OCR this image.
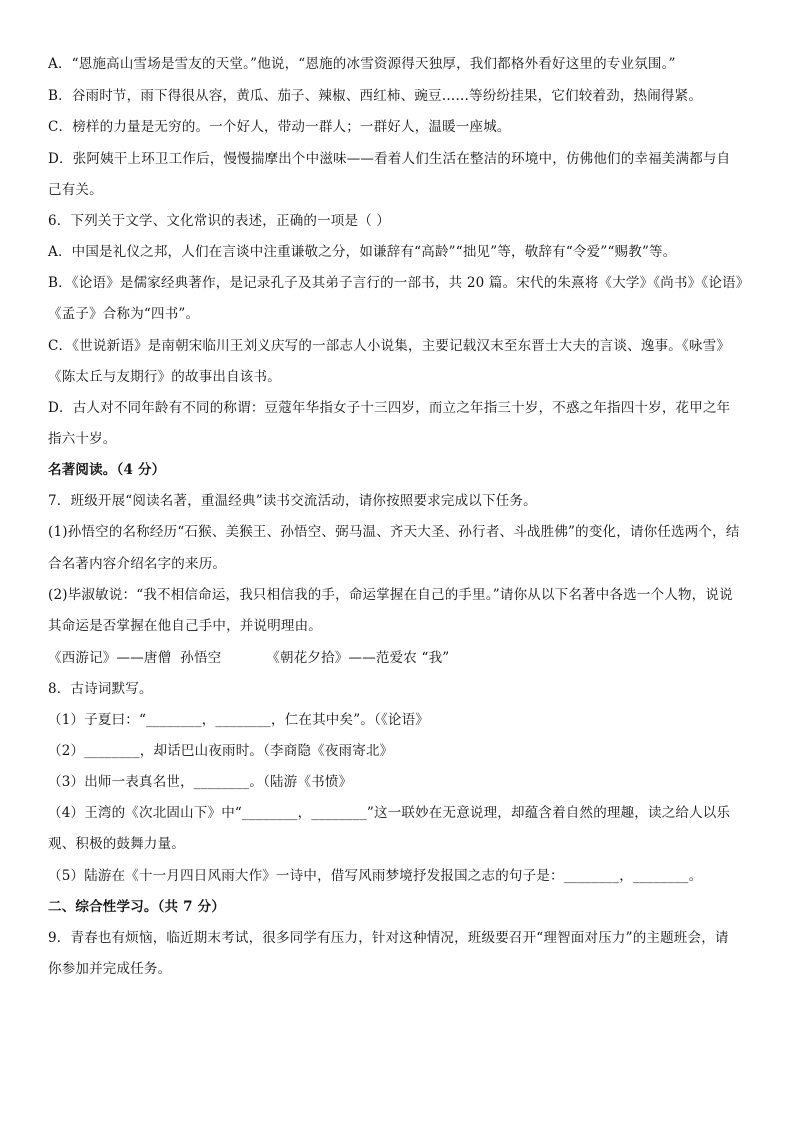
A．“恩施高山雪场是雪友的天堂。”他说，“恩施的冰雪资源得天独厚，我们都格外看好这里的专业氛围。”
B．谷雨时节，雨下得很从容，黄瓜、茄子、辣椒、西红柿、豌豆……等纷纷挂果，它们较着劲，热闹得紧。
C．榜样的力量是无穷的。一个好人，带动一群人；一群好人，温暖一座城。
D．张阿姨干上环卫工作后，慢慢揣摩出个中滋味——看着人们生活在整洁的环境中，仿佛他们的幸福美满都与自
己有关。
6．下列关于文学、文化常识的表述，正确的一项是（ ）
A．中国是礼仪之邦，人们在言谈中注重谦敬之分，如谦辞有“高龄”“拙见”等，敬辞有“令爱”“赐教”等。
B．《论语》是儒家经典著作，是记录孔子及其弟子言行的一部书，共 20 篇。宋代的朱熹将《大学》《尚书》《论语》
《孟子》合称为“四书”。
C．《世说新语》是南朝宋临川王刘义庆写的一部志人小说集，主要记载汉末至东晋士大夫的言谈、逸事。《咏雪》
《陈太丘与友期行》的故事出自该书。
D．古人对不同年龄有不同的称谓：豆蔻年华指女子十三四岁，而立之年指三十岁，不惑之年指四十岁，花甲之年
指六十岁。
名著阅读。（4 分）
7．班级开展“阅读名著，重温经典”读书交流活动，请你按照要求完成以下任务。
(1)孙悟空的名称经历“石猴、美猴王、孙悟空、弼马温、齐天大圣、孙行者、斗战胜佛”的变化，请你任选两个，结
合名著内容介绍名字的来历。
(2)毕淑敏说：“我不相信命运，我只相信我的手，命运掌握在自己的手里。”请你从以下名著中各选一个人物，说说
其命运是否掌握在他自己手中，并说明理由。
《西游记》——唐僧  孙悟空          《朝花夕拾》——范爱农 “我”
8．古诗词默写。
（1）子夏曰：“________，________，仁在其中矣”。（《论语》
（2）________，却话巴山夜雨时。（李商隐《夜雨寄北》
（3）出师一表真名世，________。（陆游《书愤》
（4）王湾的《次北固山下》中“________，________”这一联妙在无意说理，却蕴含着自然的理趣，读之给人以乐
观、积极的鼓舞力量。
（5）陆游在《十一月四日风雨大作》一诗中，借写风雨梦境抒发报国之志的句子是：________，________。
二、综合性学习。（共 7 分）
9．青春也有烦恼，临近期末考试，很多同学有压力，针对这种情况，班级要召开“理智面对压力”的主题班会，请
你参加并完成任务。
